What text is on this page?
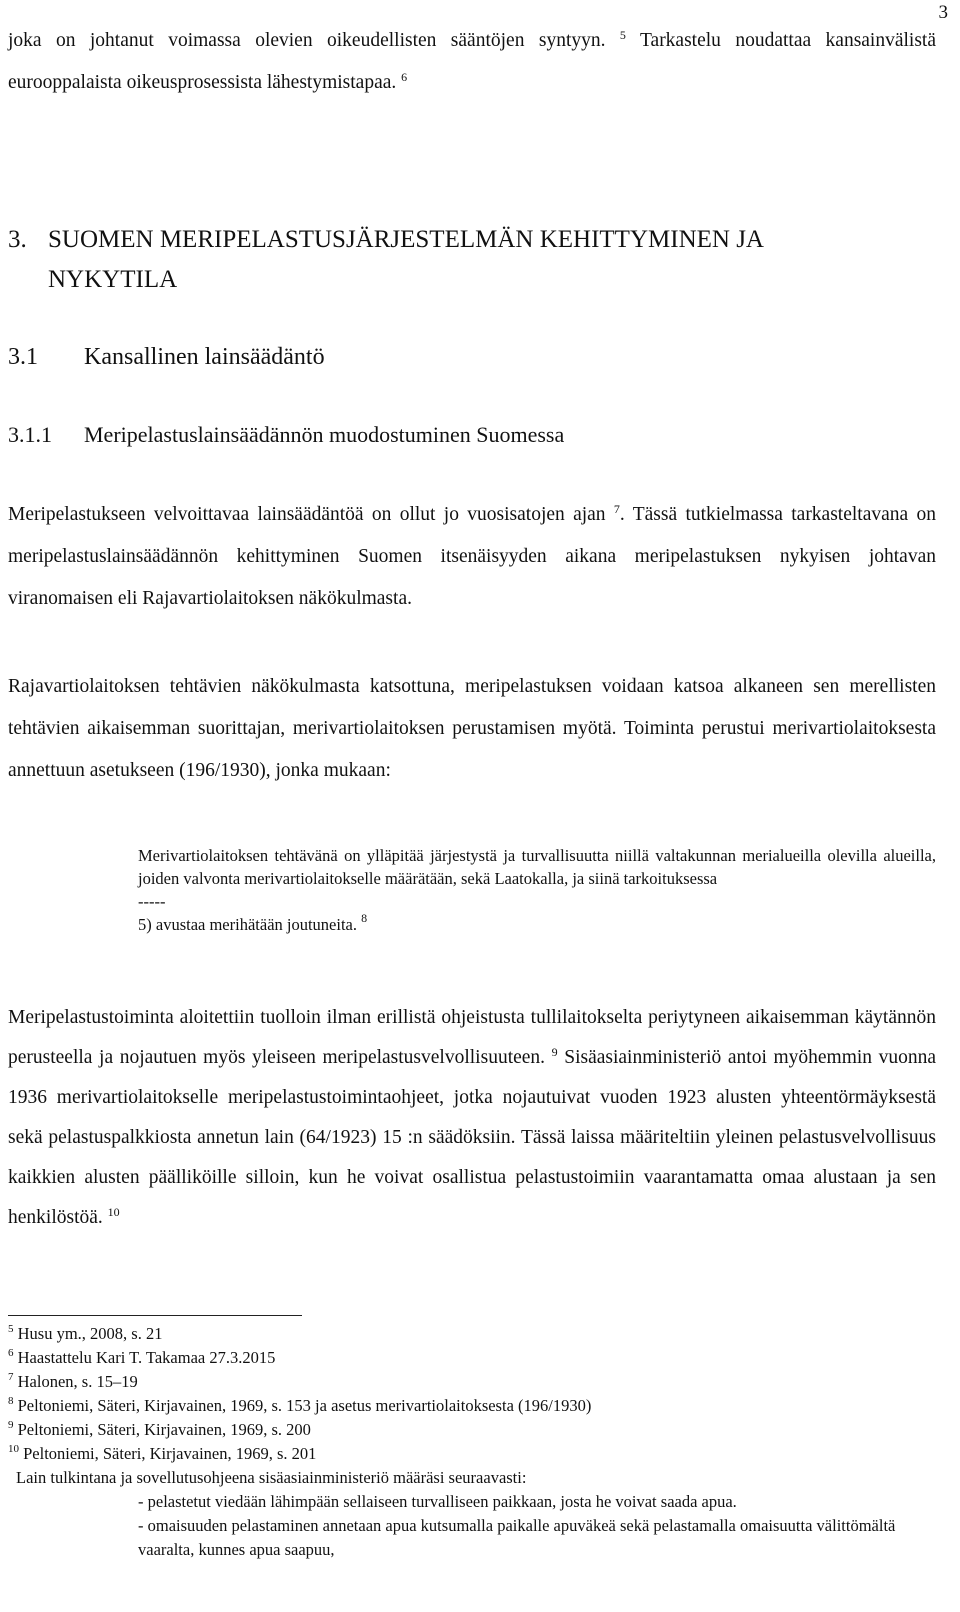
3

joka on johtanut voimassa olevien oikeudellisten sääntöjen syntyyn. $^5$ Tarkastelu noudattaa kansainvälistä eurooppalaista oikeusprosessista lähestymistapaa. $^6$

3. SUOMEN MERIPELASTUSJÄRJESTELMÄN KEHITTYMINEN JA
NYKYTILA
3.1 Kansallinen lainsäädäntö
3.1.1 Meripelastuslainsäädännön muodostuminen Suomessa

Meripelastukseen velvoittavaa lainsäädäntöä on ollut jo vuosisatojen ajan $^7$. Tässä tutkielmassa tarkasteltavana on meripelastuslainsäädännön kehittyminen Suomen itsenäisyyden aikana meripelastuksen nykyisen johtavan viranomaisen eli Rajavartiolaitoksen näkökulmasta.

Rajavartiolaitoksen tehtävien näkökulmasta katsottuna, meripelastuksen voidaan katsoa alkaneen sen merellisten tehtävien aikaisemman suorittajan, merivartiolaitoksen perustamisen myötä. Toiminta perustui merivartiolaitoksesta annettuun asetukseen (196/1930), jonka mukaan:

Merivartiolaitoksen tehtävänä on ylläpitää järjestystä ja turvallisuutta niillä valtakunnan merialueilla olevilla alueilla, joiden valvonta merivartiolaitokselle määrätään, sekä Laatokalla, ja siinä tarkoituksessa
-----
5) avustaa merihätään joutuneita. $^8$

Meripelastustoiminta aloitettiin tuolloin ilman erillistä ohjeistusta tullilaitokselta periytyneen aikaisemman käytännön perusteella ja nojautuen myös yleiseen meripelastusvelvollisuuteen. $^9$ Sisäasiainministeriö antoi myöhemmin vuonna 1936 merivartiolaitokselle meripelastustoimintaohjeet, jotka nojautuivat vuoden 1923 alusten yhteentörmäyksestä sekä pelastuspalkkiosta annetun lain (64/1923) 15 :n säädöksiin. Tässä laissa määriteltiin yleinen pelastusvelvollisuus kaikkien alusten päälliköille silloin, kun he voivat osallistua pelastustoimiin vaarantamatta omaa alustaan ja sen henkilöstöä. $^{10}$

$^5$ Husu ym., 2008, s. 21
$^6$ Haastattelu Kari T. Takamaa 27.3.2015
$^7$ Halonen, s. 15–19
$^8$ Peltoniemi, Säteri, Kirjavainen, 1969, s. 153 ja asetus merivartiolaitoksesta (196/1930)
$^9$ Peltoniemi, Säteri, Kirjavainen, 1969, s. 200
$^{10}$ Peltoniemi, Säteri, Kirjavainen, 1969, s. 201
Lain tulkintana ja sovellutusohjeena sisäasiainministeriö määräsi seuraavasti:
- pelastetut viedään lähimpään sellaiseen turvalliseen paikkaan, josta he voivat saada apua.
- omaisuuden pelastaminen annetaan apua kutsumalla paikalle apuväkeä sekä pelastamalla omaisuutta välittömältä vaaralta, kunnes apua saapuu,
